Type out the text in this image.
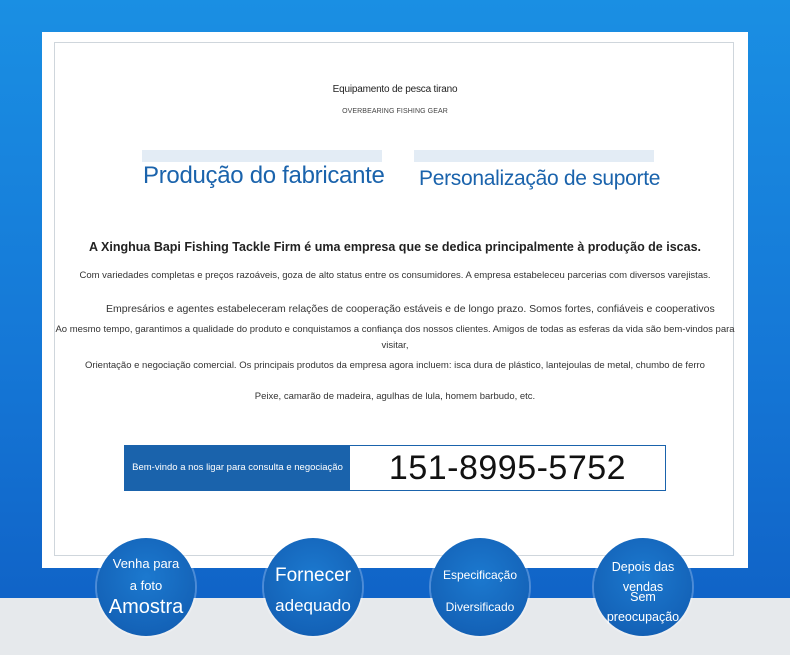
Equipamento de pesca tirano
OVERBEARING FISHING GEAR
Produção do fabricante Personalização de suporte
A Xinghua Bapi Fishing Tackle Firm é uma empresa que se dedica principalmente à produção de iscas.
Com variedades completas e preços razoáveis, goza de alto status entre os consumidores. A empresa estabeleceu parcerias com diversos varejistas.
Empresários e agentes estabeleceram relações de cooperação estáveis ​​e de longo prazo. Somos fortes, confiáveis ​​e cooperativos
Ao mesmo tempo, garantimos a qualidade do produto e conquistamos a confiança dos nossos clientes. Amigos de todas as esferas da vida são bem-vindos para visitar,
Orientação e negociação comercial. Os principais produtos da empresa agora incluem: isca dura de plástico, lantejoulas de metal, chumbo de ferro
Peixe, camarão de madeira, agulhas de lula, homem barbudo, etc.
Bem-vindo a nos ligar para consulta e negociação	151-8995-5752
Venha para
a foto
Amostra
Fornecer
adequado
Especificação
Diversificado
Depois das
vendas
Sem
preocupação
